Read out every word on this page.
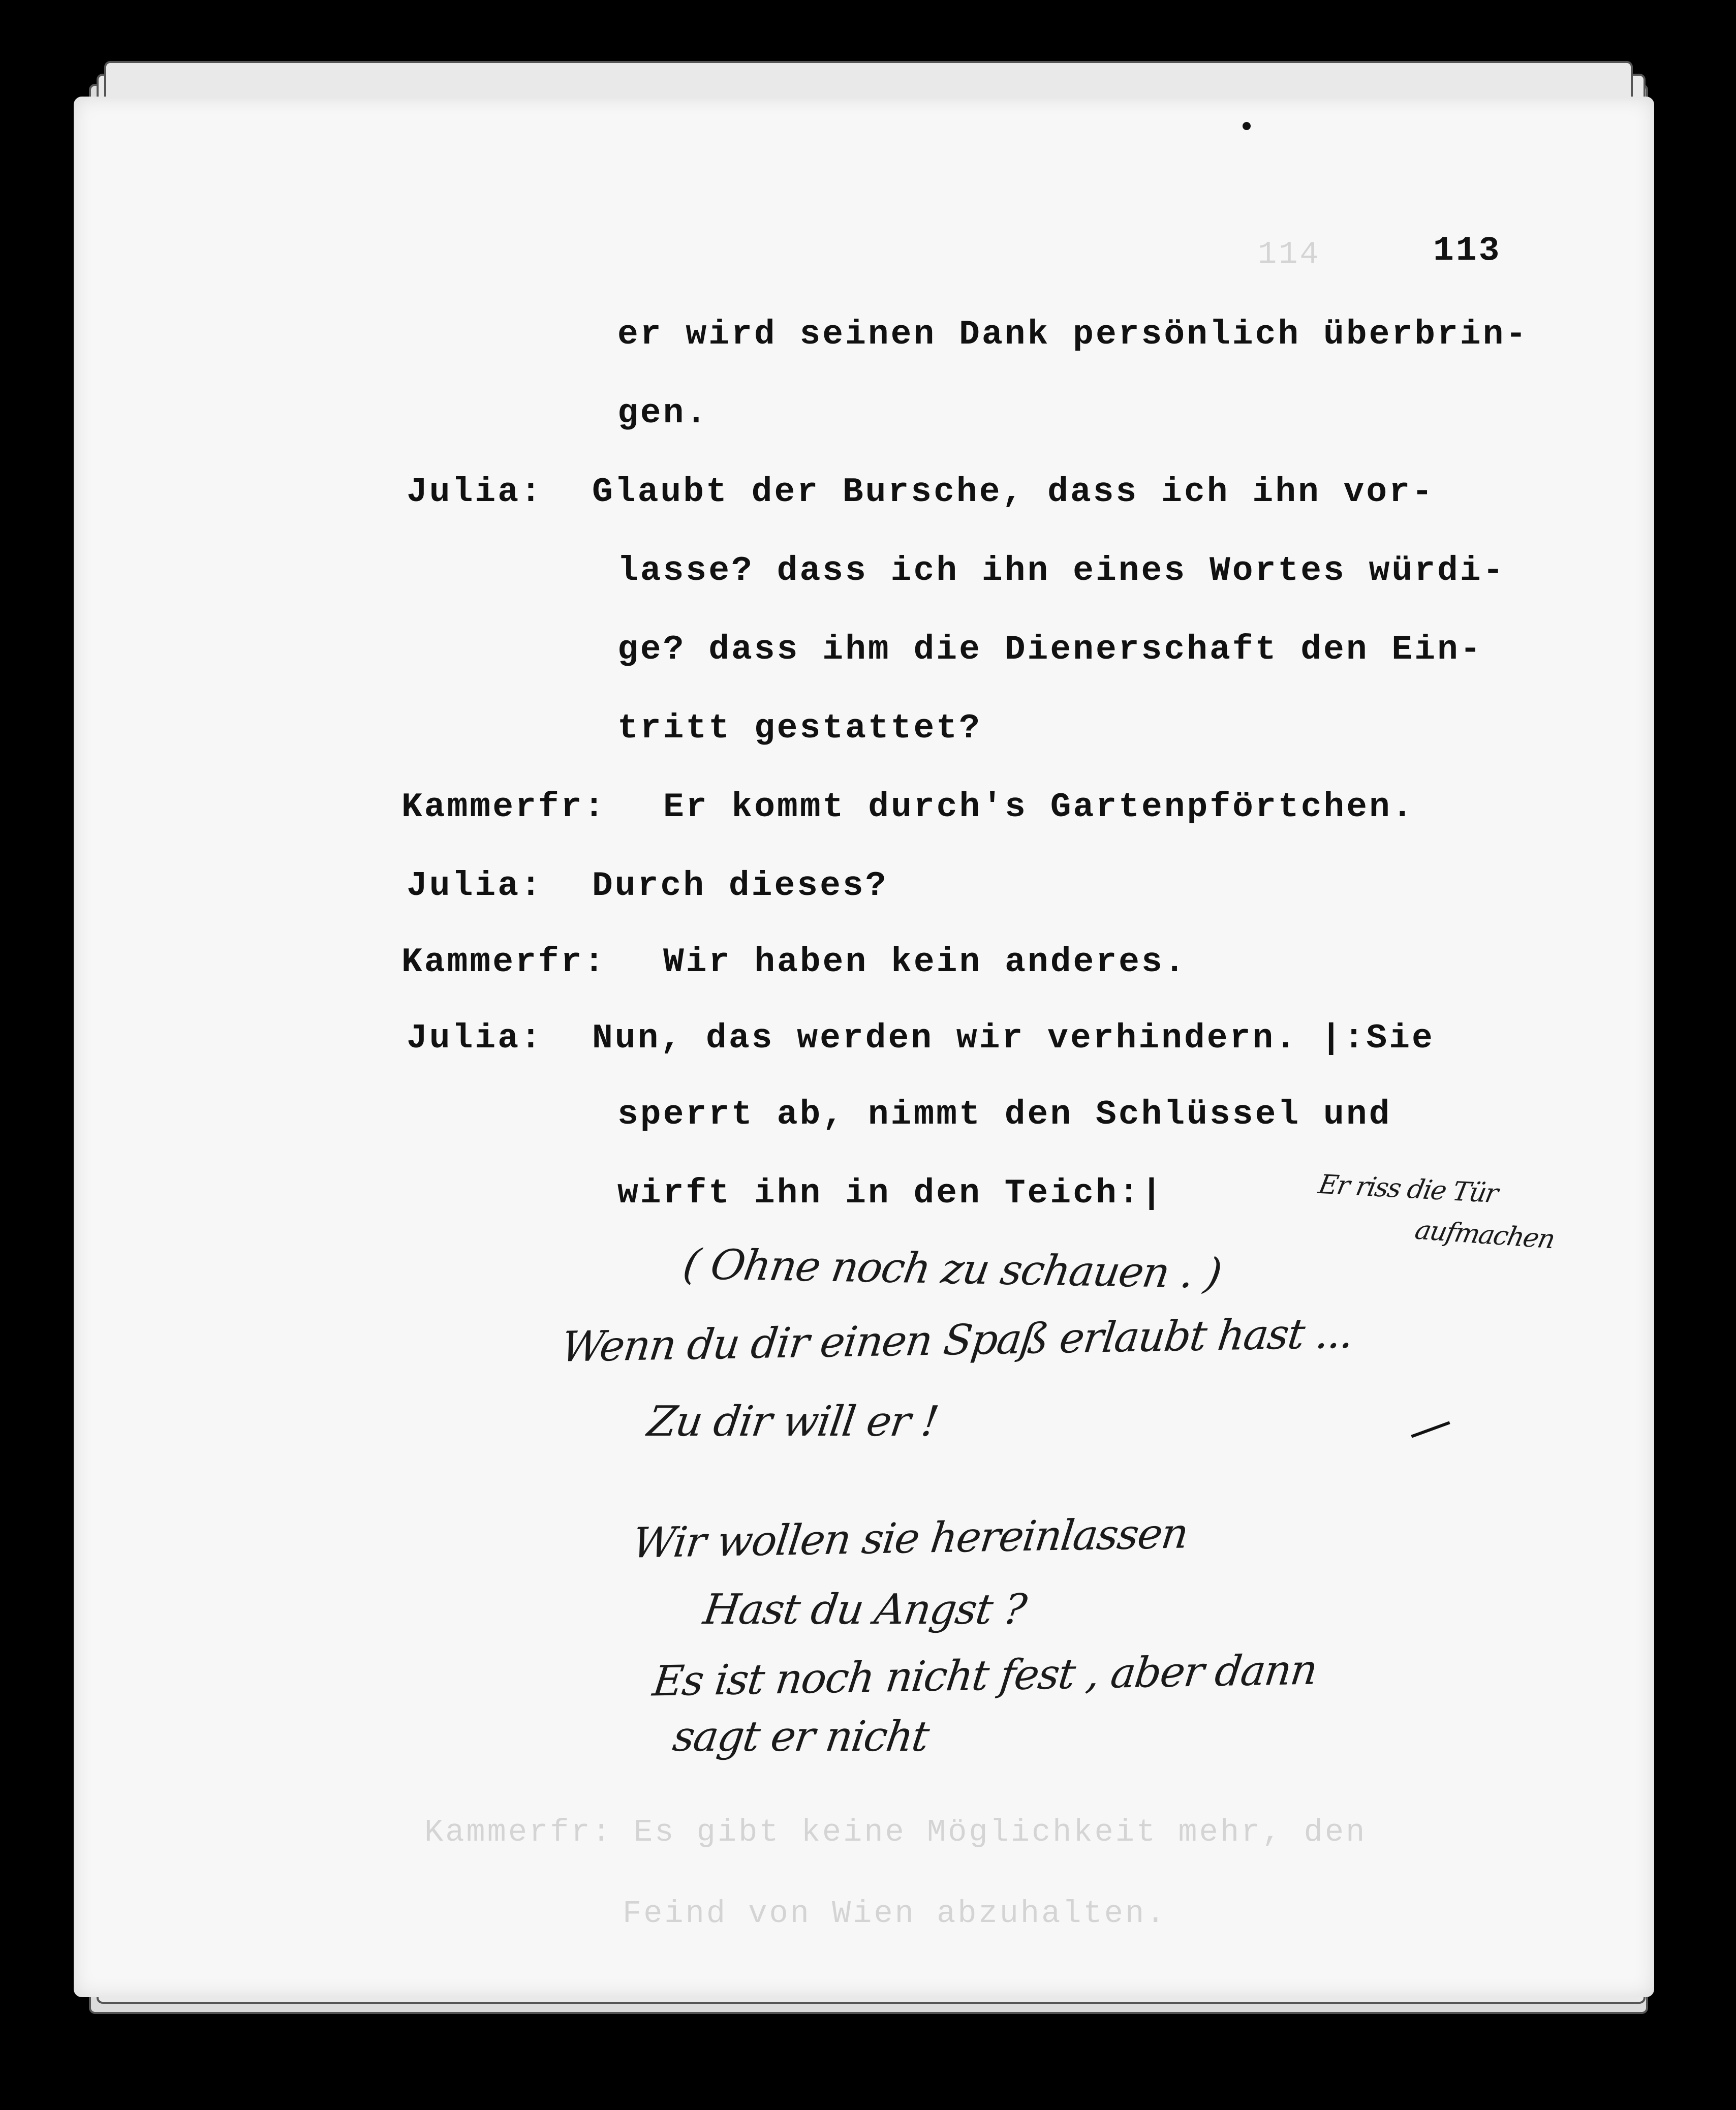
114
Kammerfr: Es gibt keine Möglichkeit mehr, den
Feind von Wien abzuhalten.
113
er wird seinen Dank persönlich überbrin-
gen.
Julia: Glaubt der Bursche, dass ich ihn vor-
lasse? dass ich ihn eines Wortes würdi-
ge? dass ihm die Dienerschaft den Ein-
tritt gestattet?
Kammerfr: Er kommt durch's Gartenpförtchen.
Julia: Durch dieses?
Kammerfr: Wir haben kein anderes.
Julia: Nun, das werden wir verhindern. |:Sie
sperrt ab, nimmt den Schlüssel und
wirft ihn in den Teich:|	Er riss die Tür
aufmachen
( Ohne noch zu schauen . )
Wenn du dir einen Spaß erlaubt hast ...
Zu dir will er !
Wir wollen sie hereinlassen
Hast du Angst ?
Es ist noch nicht fest , aber dann
sagt er nicht
